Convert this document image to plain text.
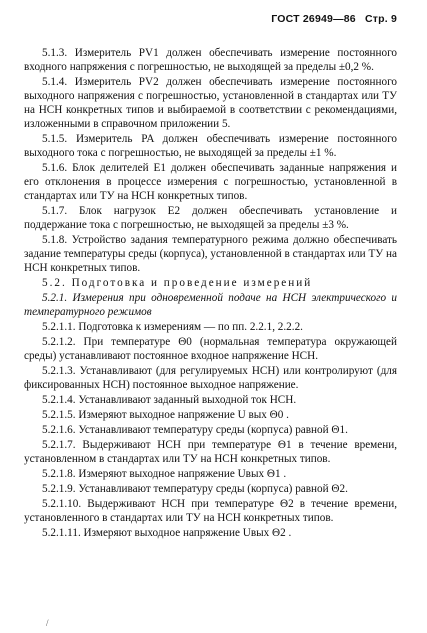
ГОСТ 26949—86 Стр. 9

5.1.3. Измеритель PV1 должен обеспечивать измерение постоянного входного напряжения с погрешностью, не выходящей за пределы ±0,2 %.

5.1.4. Измеритель PV2 должен обеспечивать измерение постоянного выходного напряжения с погрешностью, установленной в стандартах или ТУ на НСН конкретных типов и выбираемой в соответствии с рекомендациями, изложенными в справочном приложении 5.

5.1.5. Измеритель PA должен обеспечивать измерение постоянного выходного тока с погрешностью, не выходящей за пределы ±1 %.

5.1.6. Блок делителей E1 должен обеспечивать заданные напряжения и его отклонения в процессе измерения с погрешностью, установленной в стандартах или ТУ на НСН конкретных типов.

5.1.7. Блок нагрузок E2 должен обеспечивать установление и поддержание тока с погрешностью, не выходящей за пределы ±3 %.

5.1.8. Устройство задания температурного режима должно обеспечивать задание температуры среды (корпуса), установленной в стандартах или ТУ на НСН конкретных типов.

5.2. Подготовка и проведение измерений

5.2.1. Измерения при одновременной подаче на НСН электрического и температурного режимов

5.2.1.1. Подготовка к измерениям — по пп. 2.2.1, 2.2.2.

5.2.1.2. При температуре Θ0 (нормальная температура окружающей среды) устанавливают постоянное входное напряжение НСН.

5.2.1.3. Устанавливают (для регулируемых НСН) или контролируют (для фиксированных НСН) постоянное выходное напряжение.

5.2.1.4. Устанавливают заданный выходной ток НСН.

5.2.1.5. Измеряют выходное напряжение U вых Θ0 .

5.2.1.6. Устанавливают температуру среды (корпуса) равной Θ1.

5.2.1.7. Выдерживают НСН при температуре Θ1 в течение времени, установленном в стандартах или ТУ на НСН конкретных типов.

5.2.1.8. Измеряют выходное напряжение Uвых Θ1 .

5.2.1.9. Устанавливают температуру среды (корпуса) равной Θ2.

5.2.1.10. Выдерживают НСН при температуре Θ2 в течение времени, установленного в стандартах или ТУ на НСН конкретных типов.

5.2.1.11. Измеряют выходное напряжение Uвых Θ2 .

/
